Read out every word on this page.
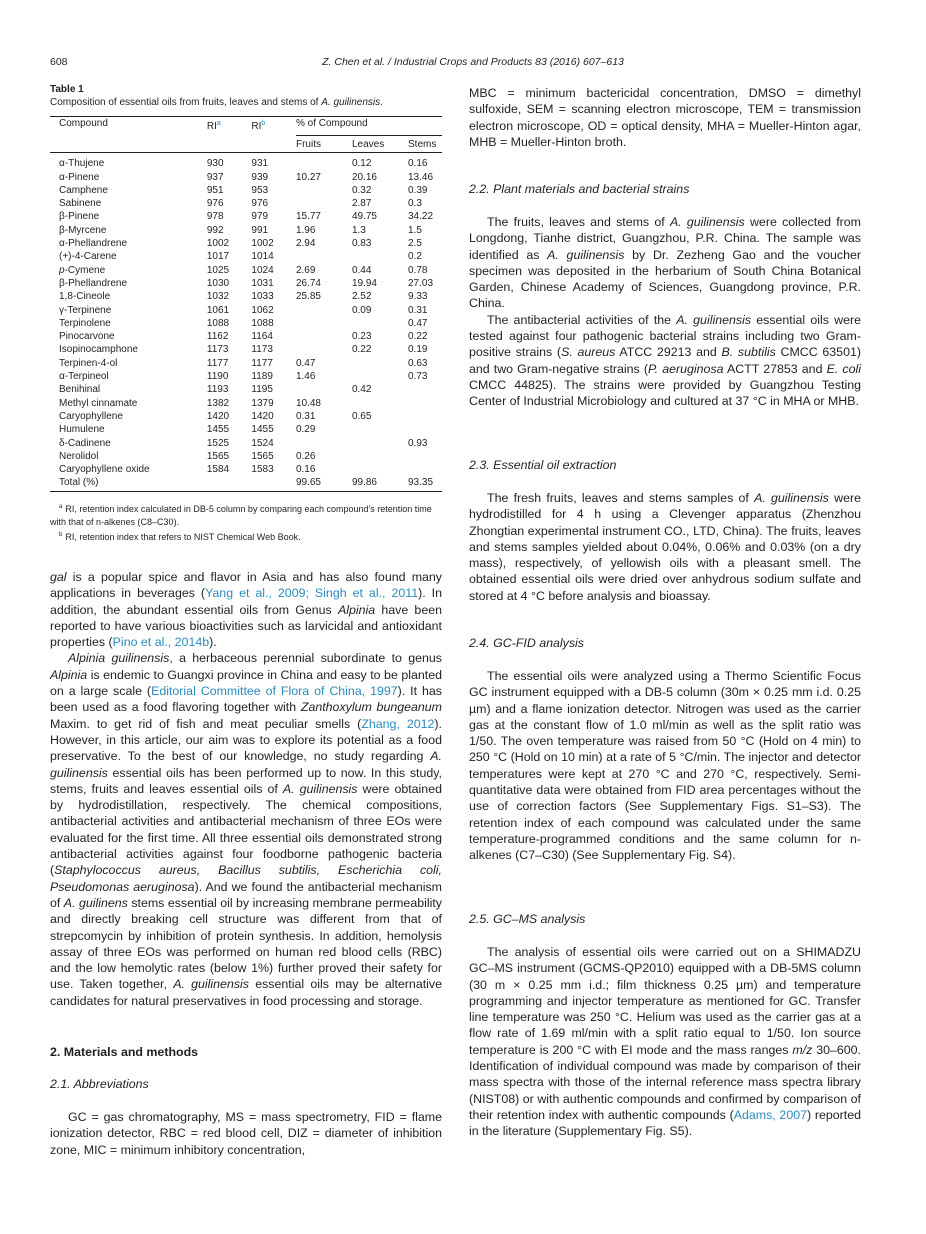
608	Z. Chen et al. / Industrial Crops and Products 83 (2016) 607–613
Table 1
Composition of essential oils from fruits, leaves and stems of A. guilinensis.
Compound	RI$^a$	RI$^b$	% of Compound		

			Fruits	Leaves	Stems
α-Thujene	930	931		0.12	0.16
α-Pinene	937	939	10.27	20.16	13.46
Camphene	951	953		0.32	0.39
Sabinene	976	976		2.87	0.3
β-Pinene	978	979	15.77	49.75	34.22
β-Myrcene	992	991	1.96	1.3	1.5
α-Phellandrene	1002	1002	2.94	0.83	2.5
(+)-4-Carene	1017	1014			0.2
p-Cymene	1025	1024	2.69	0.44	0.78
β-Phellandrene	1030	1031	26.74	19.94	27.03
1,8-Cineole	1032	1033	25.85	2.52	9.33
γ-Terpinene	1061	1062		0.09	0.31
Terpinolene	1088	1088			0.47
Pinocarvone	1162	1164		0.23	0.22
Isopinocamphone	1173	1173		0.22	0.19
Terpinen-4-ol	1177	1177	0.47		0.63
α-Terpineol	1190	1189	1.46		0.73
Benihinal	1193	1195		0.42	
Methyl cinnamate	1382	1379	10.48		
Caryophyllene	1420	1420	0.31	0.65	
Humulene	1455	1455	0.29		
δ-Cadinene	1525	1524			0.93
Nerolidol	1565	1565	0.26		
Caryophyllene oxide	1584	1583	0.16		
Total (%)			99.65	99.86	93.35

$^a$ RI, retention index calculated in DB-5 column by comparing each compound's retention time with that of n-alkenes (C8–C30).

$^b$ RI, retention index that refers to NIST Chemical Web Book.

gal is a popular spice and flavor in Asia and has also found many applications in beverages (Yang et al., 2009; Singh et al., 2011). In addition, the abundant essential oils from Genus Alpinia have been reported to have various bioactivities such as larvicidal and antioxidant properties (Pino et al., 2014b).

Alpinia guilinensis, a herbaceous perennial subordinate to genus Alpinia is endemic to Guangxi province in China and easy to be planted on a large scale (Editorial Committee of Flora of China, 1997). It has been used as a food flavoring together with Zanthoxylum bungeanum Maxim. to get rid of fish and meat peculiar smells (Zhang, 2012). However, in this article, our aim was to explore its potential as a food preservative. To the best of our knowledge, no study regarding A. guilinensis essential oils has been performed up to now. In this study, stems, fruits and leaves essential oils of A. guilinensis were obtained by hydrodistillation, respectively. The chemical compositions, antibacterial activities and antibacterial mechanism of three EOs were evaluated for the first time. All three essential oils demonstrated strong antibacterial activities against four foodborne pathogenic bacteria (Staphylococcus aureus, Bacillus subtilis, Escherichia coli, Pseudomonas aeruginosa). And we found the antibacterial mechanism of A. guilinens stems essential oil by increasing membrane permeability and directly breaking cell structure was different from that of strepcomycin by inhibition of protein synthesis. In addition, hemolysis assay of three EOs was performed on human red blood cells (RBC) and the low hemolytic rates (below 1%) further proved their safety for use. Taken together, A. guilinensis essential oils may be alternative candidates for natural preservatives in food processing and storage.

2. Materials and methods
2.1. Abbreviations

GC = gas chromatography, MS = mass spectrometry, FID = flame ionization detector, RBC = red blood cell, DIZ = diameter of inhibition zone, MIC = minimum inhibitory concentration,

MBC = minimum bactericidal concentration, DMSO = dimethyl sulfoxide, SEM = scanning electron microscope, TEM = transmission electron microscope, OD = optical density, MHA = Mueller-Hinton agar, MHB = Mueller-Hinton broth.

2.2. Plant materials and bacterial strains

The fruits, leaves and stems of A. guilinensis were collected from Longdong, Tianhe district, Guangzhou, P.R. China. The sample was identified as A. guilinensis by Dr. Zezheng Gao and the voucher specimen was deposited in the herbarium of South China Botanical Garden, Chinese Academy of Sciences, Guangdong province, P.R. China.

The antibacterial activities of the A. guilinensis essential oils were tested against four pathogenic bacterial strains including two Gram-positive strains (S. aureus ATCC 29213 and B. subtilis CMCC 63501) and two Gram-negative strains (P. aeruginosa ACTT 27853 and E. coli CMCC 44825). The strains were provided by Guangzhou Testing Center of Industrial Microbiology and cultured at 37 °C in MHA or MHB.

2.3. Essential oil extraction

The fresh fruits, leaves and stems samples of A. guilinensis were hydrodistilled for 4 h using a Clevenger apparatus (Zhenzhou Zhongtian experimental instrument CO., LTD, China). The fruits, leaves and stems samples yielded about 0.04%, 0.06% and 0.03% (on a dry mass), respectively, of yellowish oils with a pleasant smell. The obtained essential oils were dried over anhydrous sodium sulfate and stored at 4 °C before analysis and bioassay.

2.4. GC-FID analysis

The essential oils were analyzed using a Thermo Scientific Focus GC instrument equipped with a DB-5 column (30m × 0.25 mm i.d. 0.25 µm) and a flame ionization detector. Nitrogen was used as the carrier gas at the constant flow of 1.0 ml/min as well as the split ratio was 1/50. The oven temperature was raised from 50 °C (Hold on 4 min) to 250 °C (Hold on 10 min) at a rate of 5 °C/min. The injector and detector temperatures were kept at 270 °C and 270 °C, respectively. Semi-quantitative data were obtained from FID area percentages without the use of correction factors (See Supplementary Figs. S1–S3). The retention index of each compound was calculated under the same temperature-programmed conditions and the same column for n-alkenes (C7–C30) (See Supplementary Fig. S4).

2.5. GC–MS analysis

The analysis of essential oils were carried out on a SHIMADZU GC–MS instrument (GCMS-QP2010) equipped with a DB-5MS column (30 m × 0.25 mm i.d.; film thickness 0.25 µm) and temperature programming and injector temperature as mentioned for GC. Transfer line temperature was 250 °C. Helium was used as the carrier gas at a flow rate of 1.69 ml/min with a split ratio equal to 1/50. Ion source temperature is 200 °C with EI mode and the mass ranges m/z 30–600. Identification of individual compound was made by comparison of their mass spectra with those of the internal reference mass spectra library (NIST08) or with authentic compounds and confirmed by comparison of their retention index with authentic compounds (Adams, 2007) reported in the literature (Supplementary Fig. S5).
